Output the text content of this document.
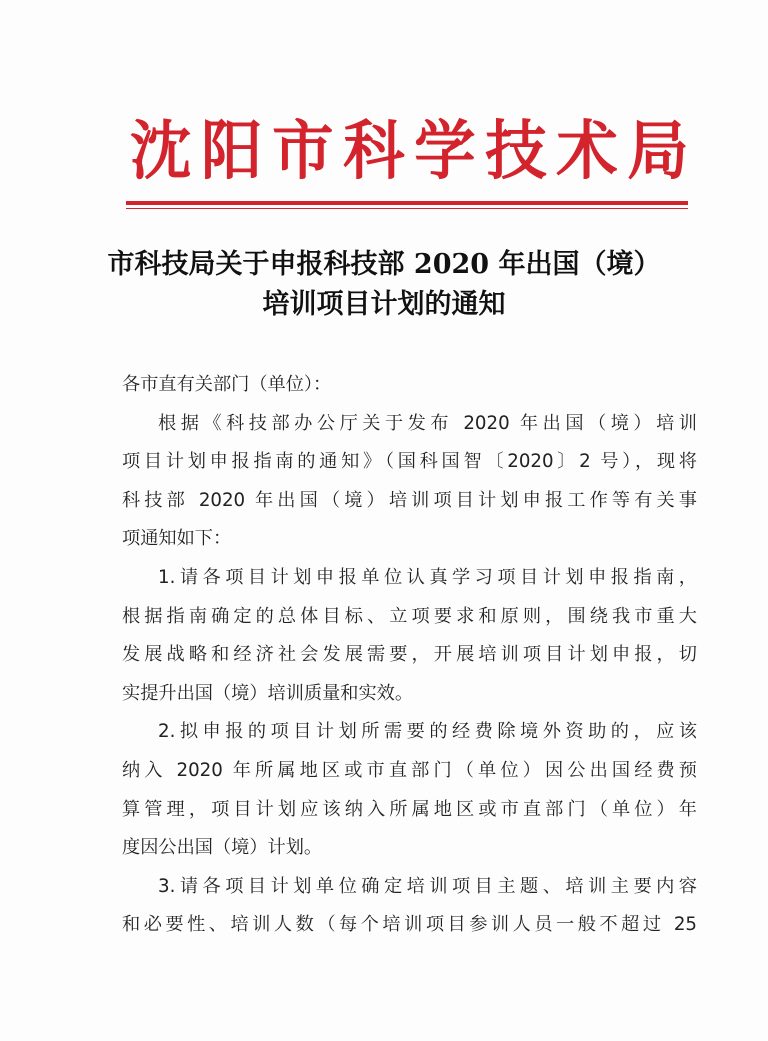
沈阳市科学技术局
市科技局关于申报科技部 2020 年出国（境）
培训项目计划的通知
各市直有关部门（单位）：
根据《科技部办公厅关于发布 2020 年出国（境）培训
项目计划申报指南的通知》（国科国智〔2020〕2 号），现将
科技部 2020 年出国（境）培训项目计划申报工作等有关事
项通知如下：
1.请各项目计划申报单位认真学习项目计划申报指南，
根据指南确定的总体目标、立项要求和原则，围绕我市重大
发展战略和经济社会发展需要，开展培训项目计划申报，切
实提升出国（境）培训质量和实效。
2.拟申报的项目计划所需要的经费除境外资助的，应该
纳入 2020 年所属地区或市直部门（单位）因公出国经费预
算管理，项目计划应该纳入所属地区或市直部门（单位）年
度因公出国（境）计划。
3.请各项目计划单位确定培训项目主题、培训主要内容
和必要性、培训人数（每个培训项目参训人员一般不超过 25
